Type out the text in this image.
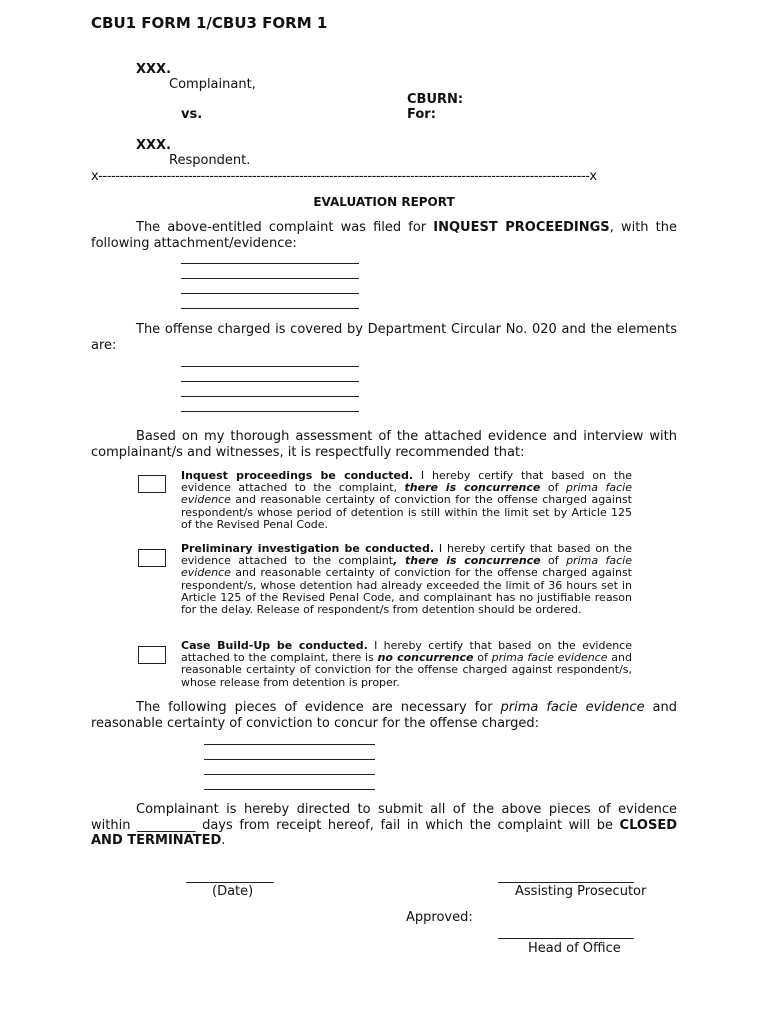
CBU1 FORM 1/CBU3 FORM 1
XXX.
Complainant,
CBURN:
vs.	For:
XXX.
Respondent.
x-------------------------------------------------------------------------------------------------------------------x
EVALUATION REPORT
The above-entitled complaint was filed for INQUEST PROCEEDINGS, with the following attachment/evidence:
The offense charged is covered by Department Circular No. 020 and the elements are:
Based on my thorough assessment of the attached evidence and interview with complainant/s and witnesses, it is respectfully recommended that:
Inquest proceedings be conducted. I hereby certify that based on the evidence attached to the complaint, there is concurrence of prima facie evidence and reasonable certainty of conviction for the offense charged against respondent/s whose period of detention is still within the limit set by Article 125 of the Revised Penal Code.
Preliminary investigation be conducted. I hereby certify that based on the evidence attached to the complaint, there is concurrence of prima facie evidence and reasonable certainty of conviction for the offense charged against respondent/s, whose detention had already exceeded the limit of 36 hours set in Article 125 of the Revised Penal Code, and complainant has no justifiable reason for the delay. Release of respondent/s from detention should be ordered.
Case Build-Up be conducted. I hereby certify that based on the evidence attached to the complaint, there is no concurrence of prima facie evidence and reasonable certainty of conviction for the offense charged against respondent/s, whose release from detention is proper.
The following pieces of evidence are necessary for prima facie evidence and reasonable certainty of conviction to concur for the offense charged:
Complainant is hereby directed to submit all of the above pieces of evidence within _________ days from receipt hereof, fail in which the complaint will be CLOSED AND TERMINATED.
(Date)	Assisting Prosecutor
Approved:
Head of Office
